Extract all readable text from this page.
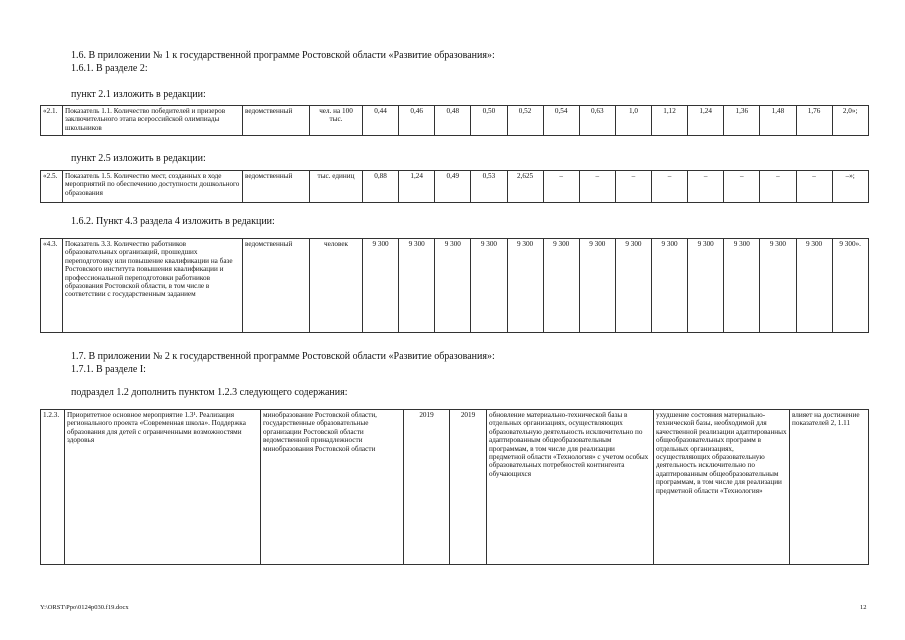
1.6. В приложении № 1 к государственной программе Ростовской области «Развитие образования»:
1.6.1. В разделе 2:
пункт 2.1 изложить в редакции:
«2.1.	Показатель 1.1. Количество победителей и призеров заключительного этапа всероссийской олимпиады школьников	ведомственный	чел. на 100 тыс.	0,44	0,46	0,48	0,50	0,52	0,54	0,63	1,0	1,12	1,24	1,36	1,48	1,76	2,0»;
пункт 2.5 изложить в редакции:
«2.5.	Показатель 1.5. Количество мест, созданных в ходе мероприятий по обеспечению доступности дошкольного образования	ведомственный	тыс. единиц	0,88	1,24	0,49	0,53	2,625	–	–	–	–	–	–	–	–	–»;
1.6.2. Пункт 4.3 раздела 4 изложить в редакции:
«4.3.	Показатель 3.3. Количество работников образовательных организаций, прошедших переподготовку или повышение квалификации на базе Ростовского института повышения квалификации и профессиональной переподготовки работников образования Ростовской области, в том числе в соответствии с государственным заданием	ведомственный	человек	9 300	9 300	9 300	9 300	9 300	9 300	9 300	9 300	9 300	9 300	9 300	9 300	9 300	9 300».
1.7. В приложении № 2 к государственной программе Ростовской области «Развитие образования»:
1.7.1. В разделе I:
подраздел 1.2 дополнить пунктом 1.2.3 следующего содержания:
1.2.3.	Приоритетное основное мероприятие 1.3¹. Реализация регионального проекта «Современная школа». Поддержка образования для детей с ограниченными возможностями здоровья	минобразование Ростовской области, государственные образовательные организации Ростовской области ведомственной принадлежности минобразования Ростовской области	2019	2019	обновление материально-технической базы в отдельных организациях, осуществляющих образовательную деятельность исключительно по адаптированным общеобразовательным программам, в том числе для реализации предметной области «Технология» с учетом особых образовательных потребностей контингента обучающихся	ухудшение состояния материально-технической базы, необходимой для качественной реализации адаптированных общеобразовательных программ в отдельных организациях, осуществляющих образовательную деятельность исключительно по адаптированным общеобразовательным программам, в том числе для реализации предметной области «Технология»	влияет на достижение показателей 2, 1.11
Y:\ORST\Ppo\0124p030.f19.docx	12
